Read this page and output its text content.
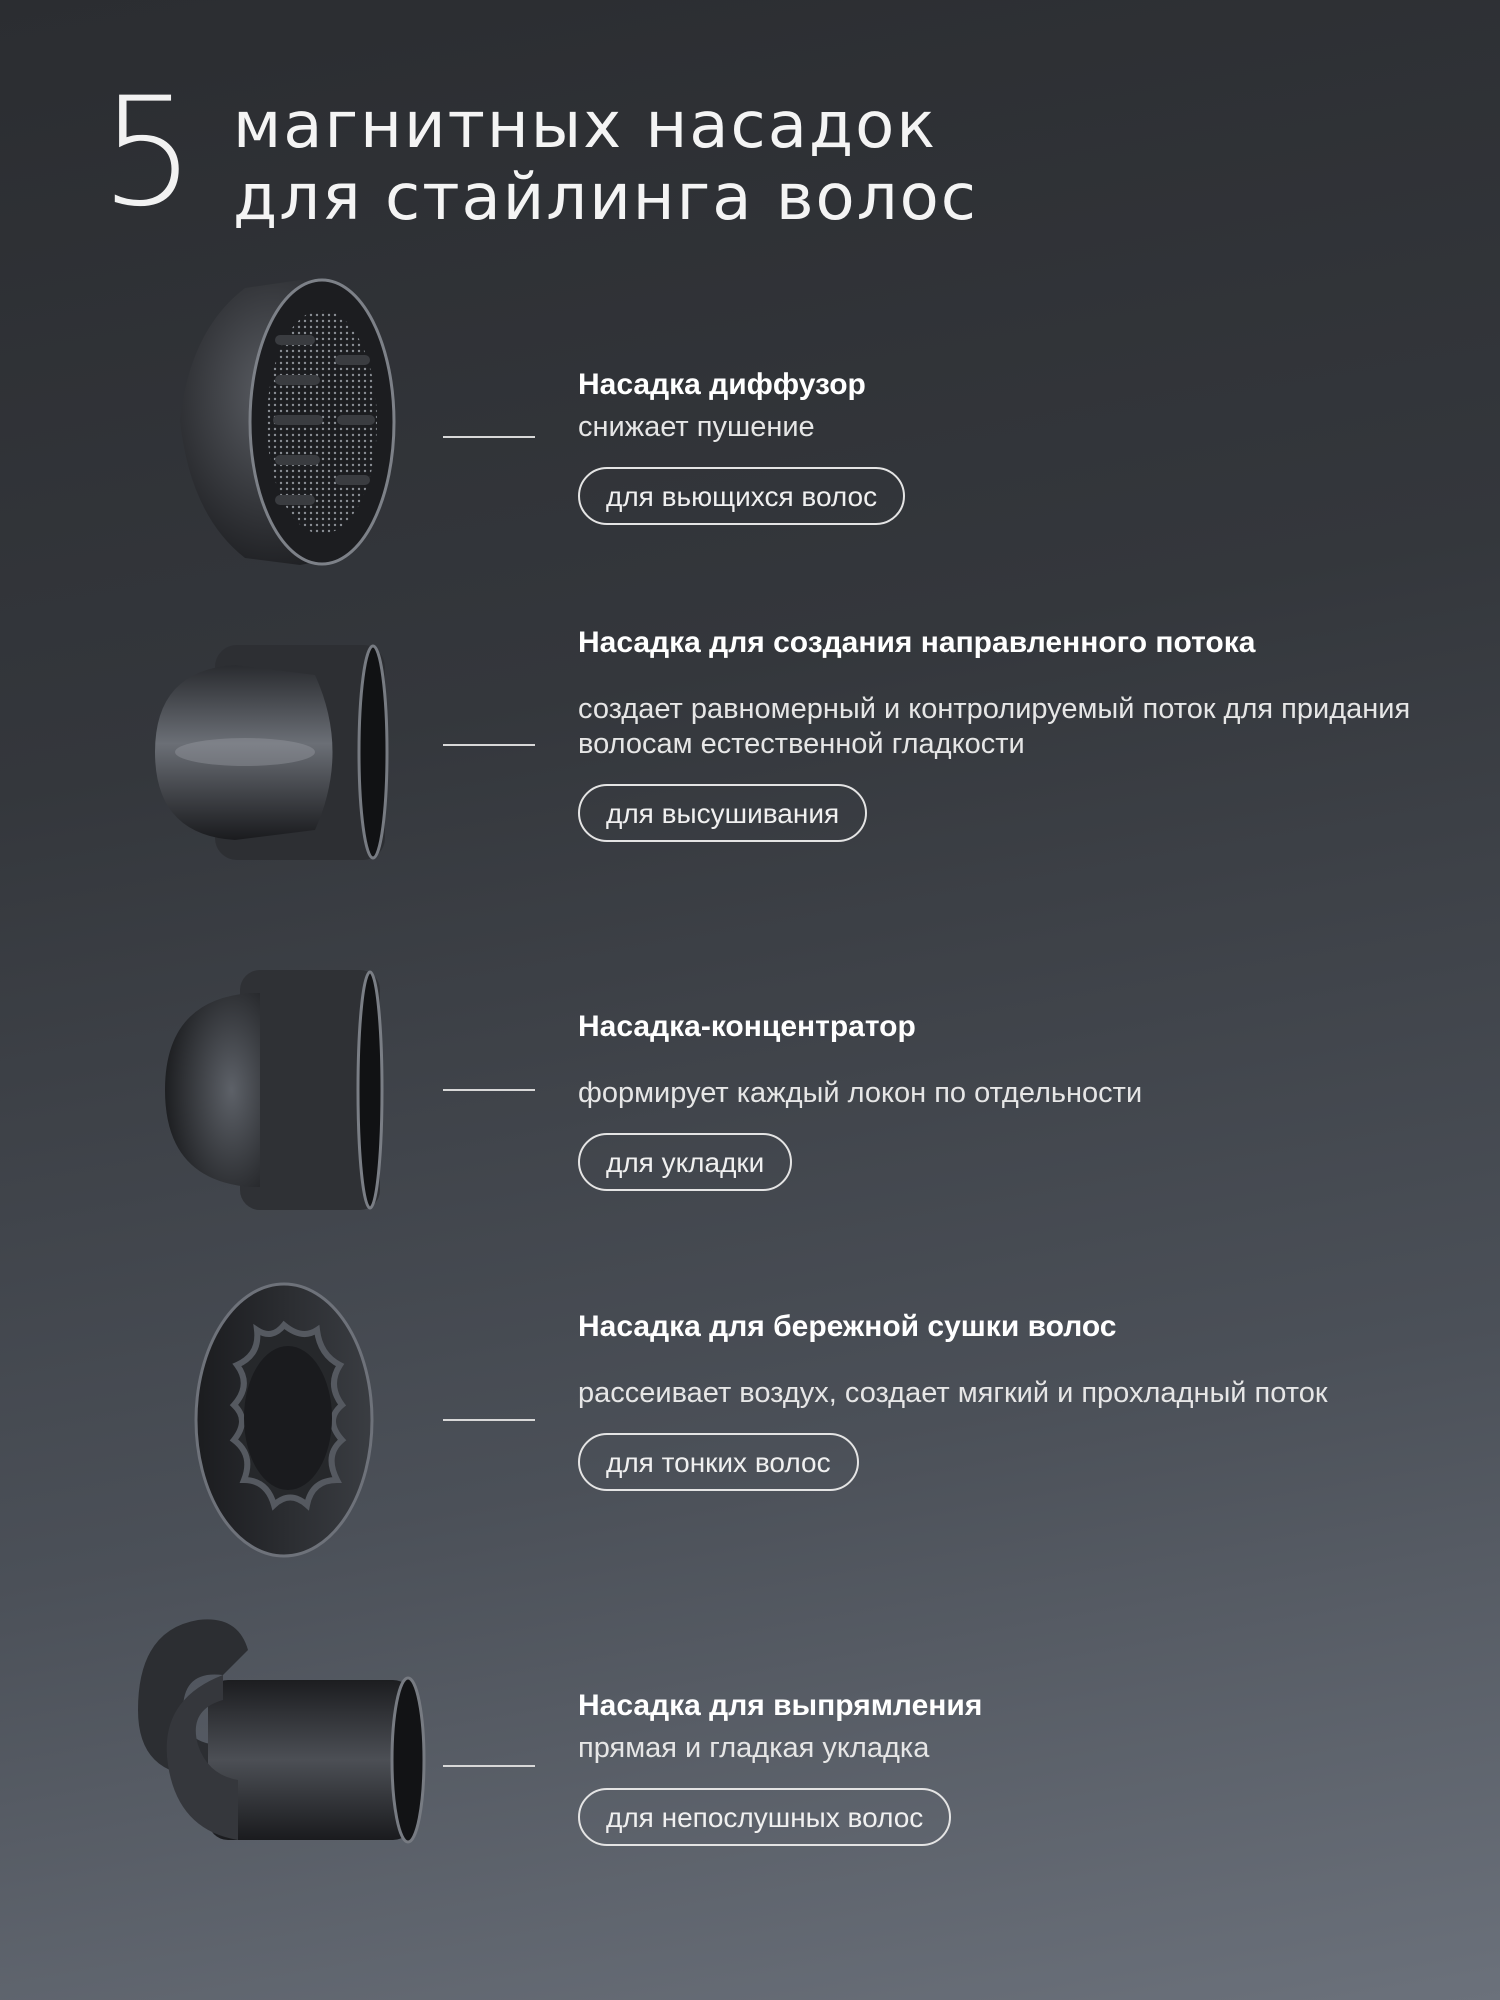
5 магнитных насадок
для стайлинга волос
Насадка диффузор
снижает пушение
для вьющихся волос
Насадка для создания направленного потока
создает равномерный и контролируемый поток для придания волосам естественной гладкости
для высушивания
Насадка-концентратор
формирует каждый локон по отдельности
для укладки
Насадка для бережной сушки волос
рассеивает воздух, создает мягкий и прохладный поток
для тонких волос
Насадка для выпрямления
прямая и гладкая укладка
для непослушных волос
